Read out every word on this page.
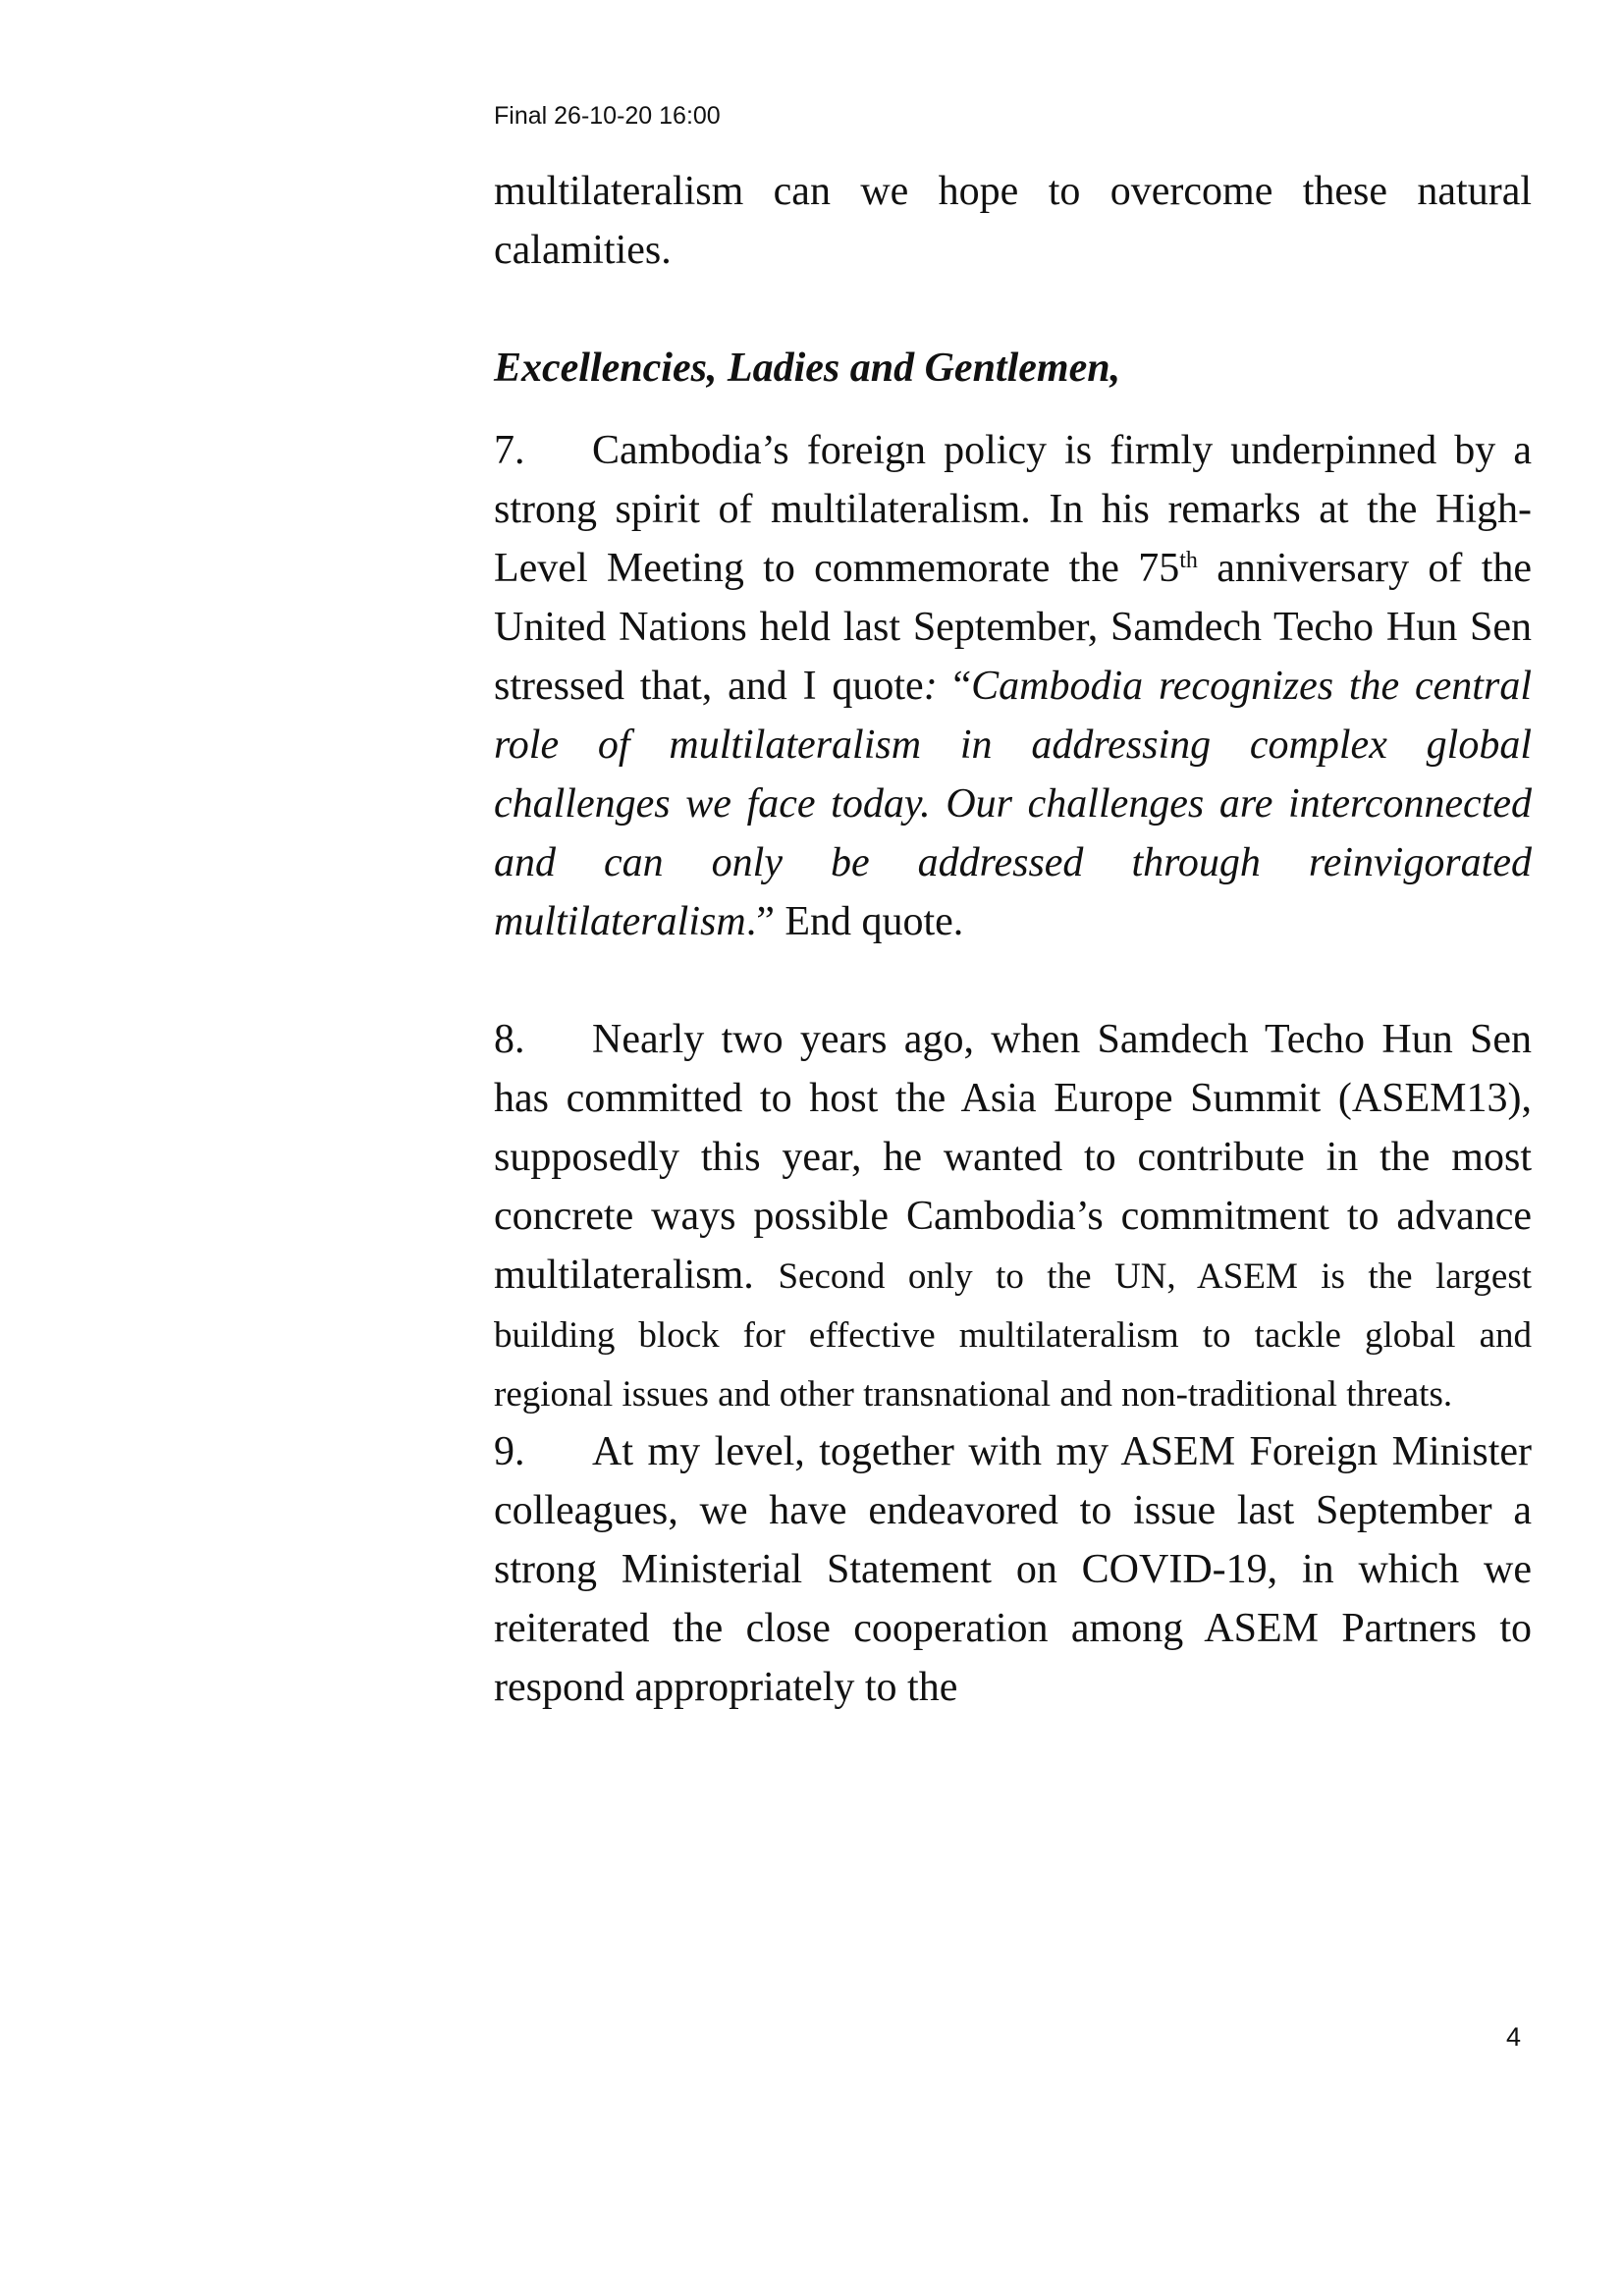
Final 26-10-20 16:00

multilateralism can we hope to overcome these natural calamities.

Excellencies, Ladies and Gentlemen,

7. Cambodia’s foreign policy is firmly underpinned by a strong spirit of multilateralism. In his remarks at the High-Level Meeting to commemorate the 75th anniversary of the United Nations held last September, Samdech Techo Hun Sen stressed that, and I quote: “Cambodia recognizes the central role of multilateralism in addressing complex global challenges we face today. Our challenges are interconnected and can only be addressed through reinvigorated multilateralism.” End quote.

8. Nearly two years ago, when Samdech Techo Hun Sen has committed to host the Asia Europe Summit (ASEM13), supposedly this year, he wanted to contribute in the most concrete ways possible Cambodia’s commitment to advance multilateralism. Second only to the UN, ASEM is the largest building block for effective multilateralism to tackle global and regional issues and other transnational and non-traditional threats.

9. At my level, together with my ASEM Foreign Minister colleagues, we have endeavored to issue last September a strong Ministerial Statement on COVID-19, in which we reiterated the close cooperation among ASEM Partners to respond appropriately to the

4
